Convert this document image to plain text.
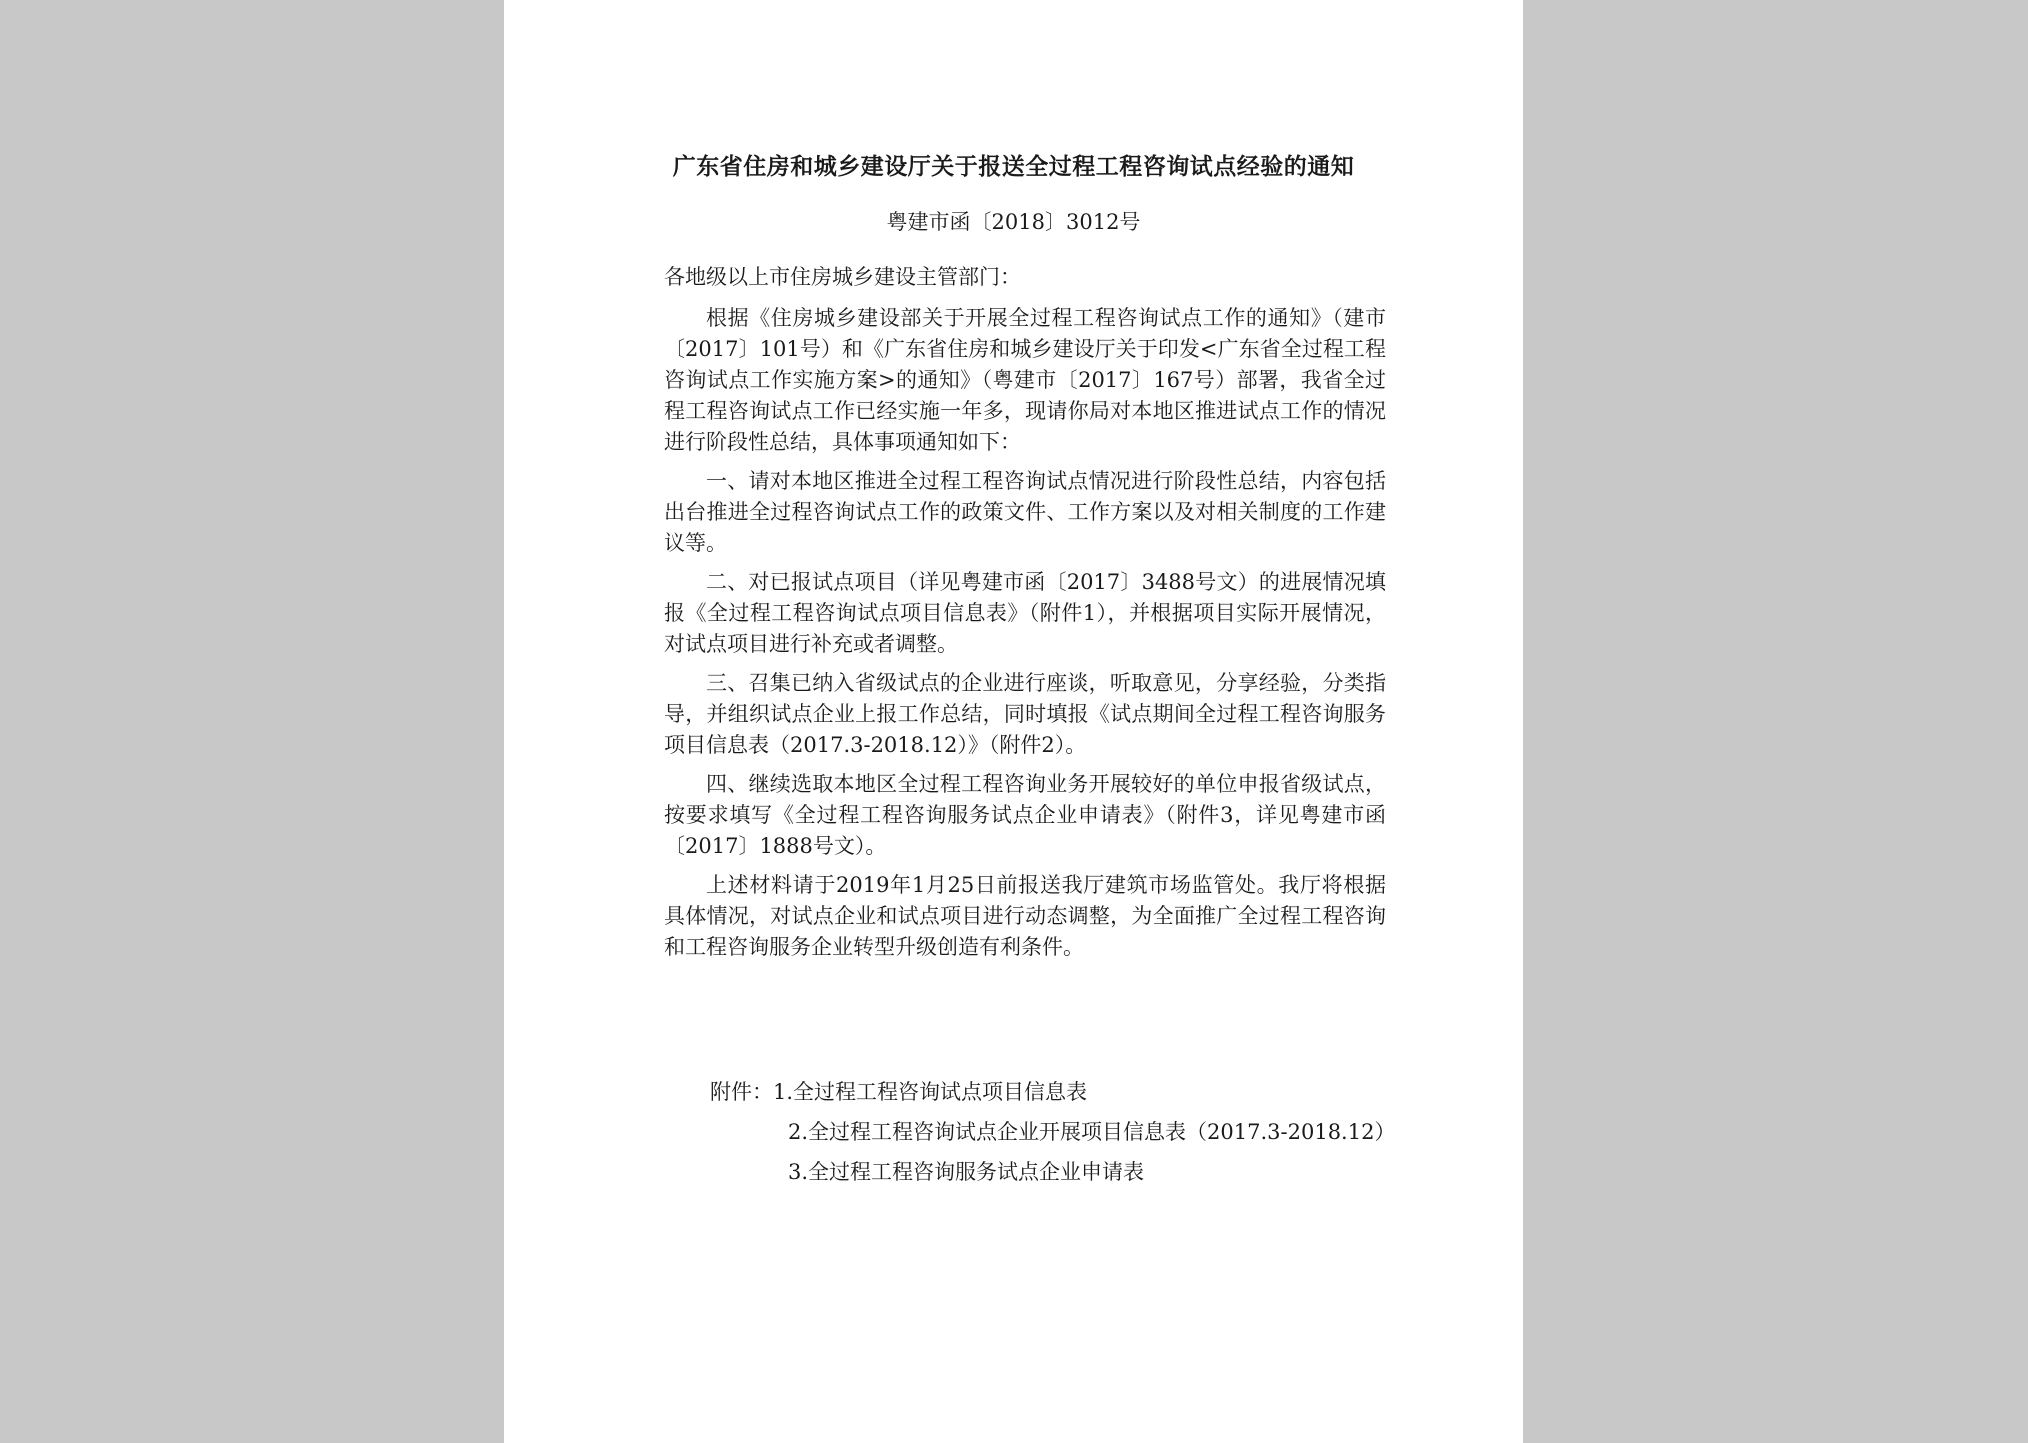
广东省住房和城乡建设厅关于报送全过程工程咨询试点经验的通知

粤建市函〔2018〕3012号

各地级以上市住房城乡建设主管部门：

根据《住房城乡建设部关于开展全过程工程咨询试点工作的通知》（建市〔2017〕101号）和《广东省住房和城乡建设厅关于印发<广东省全过程工程咨询试点工作实施方案>的通知》（粤建市〔2017〕167号）部署，我省全过程工程咨询试点工作已经实施一年多，现请你局对本地区推进试点工作的情况进行阶段性总结，具体事项通知如下：

一、请对本地区推进全过程工程咨询试点情况进行阶段性总结，内容包括出台推进全过程咨询试点工作的政策文件、工作方案以及对相关制度的工作建议等。

二、对已报试点项目（详见粤建市函〔2017〕3488号文）的进展情况填报《全过程工程咨询试点项目信息表》（附件1），并根据项目实际开展情况，对试点项目进行补充或者调整。

三、召集已纳入省级试点的企业进行座谈，听取意见，分享经验，分类指导，并组织试点企业上报工作总结，同时填报《试点期间全过程工程咨询服务项目信息表（2017.3-2018.12）》（附件2）。

四、继续选取本地区全过程工程咨询业务开展较好的单位申报省级试点，按要求填写《全过程工程咨询服务试点企业申请表》（附件3，详见粤建市函〔2017〕1888号文）。

上述材料请于2019年1月25日前报送我厅建筑市场监管处。我厅将根据具体情况，对试点企业和试点项目进行动态调整，为全面推广全过程工程咨询和工程咨询服务企业转型升级创造有利条件。

附件：1.全过程工程咨询试点项目信息表
2.全过程工程咨询试点企业开展项目信息表（2017.3-2018.12）
3.全过程工程咨询服务试点企业申请表
